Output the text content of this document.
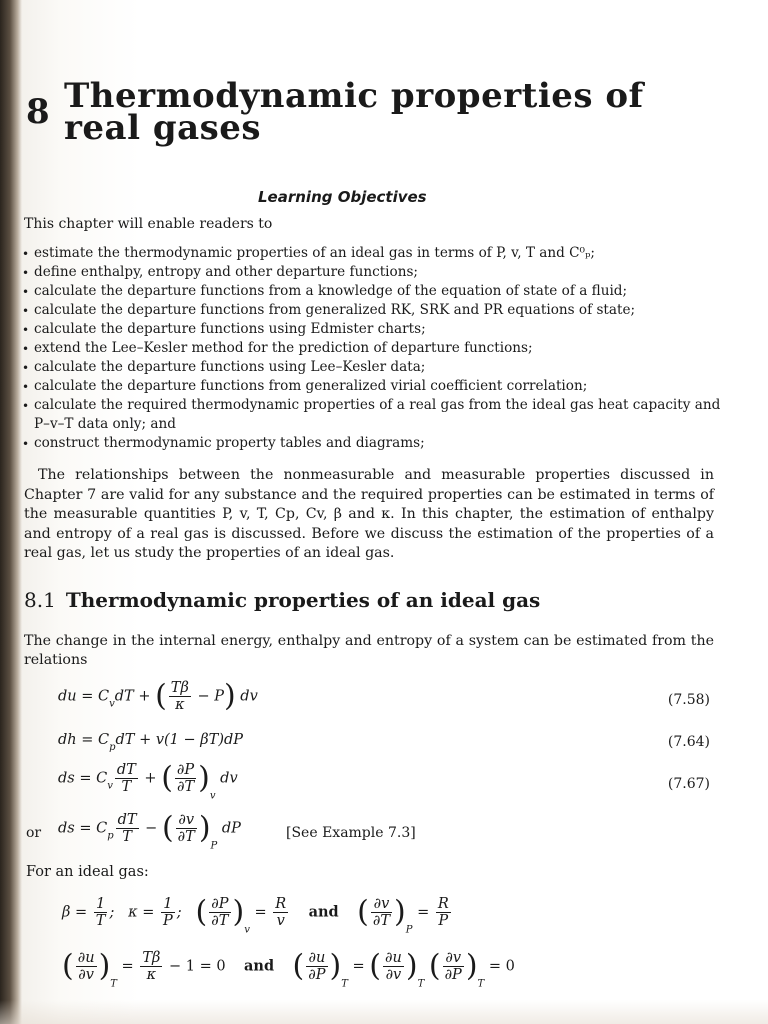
8 Thermodynamic properties of real gases
Learning Objectives
This chapter will enable readers to
• estimate the thermodynamic properties of an ideal gas in terms of P, v, T and C⁰ₚ;
• define enthalpy, entropy and other departure functions;
• calculate the departure functions from a knowledge of the equation of state of a fluid;
• calculate the departure functions from generalized RK, SRK and PR equations of state;
• calculate the departure functions using Edmister charts;
• extend the Lee–Kesler method for the prediction of departure functions;
• calculate the departure functions using Lee–Kesler data;
• calculate the departure functions from generalized virial coefficient correlation;
• calculate the required thermodynamic properties of a real gas from the ideal gas heat capacity and P–v–T data only; and
• construct thermodynamic property tables and diagrams;
The relationships between the nonmeasurable and measurable properties discussed in Chapter 7 are valid for any substance and the required properties can be estimated in terms of the measurable quantities P, v, T, Cp, Cv, β and κ. In this chapter, the estimation of enthalpy and entropy of a real gas is discussed. Before we discuss the estimation of the properties of a real gas, let us study the properties of an ideal gas.
8.1 Thermodynamic properties of an ideal gas
The change in the internal energy, enthalpy and entropy of a system can be estimated from the relations
du = $C_vdT$ + ( $\frac{T\beta}{\kappa} - P$) dv	(7.58)
dh = $C_pdT + v(1 - \beta T)dP$	(7.64)
ds = $C_v \frac{dT}{T}$ + ( $\frac{\partial P}{\partial T} )_v$ dv	(7.67)
or ds = $C_p \frac{dT}{T}$ − ( $\frac{\partial v}{\partial T} )_P$ dP	[See Example 7.3]
For an ideal gas:
$\beta = \frac{1}{T}$ ;   $\kappa = \frac{1}{P}$ ;   ( $\frac{\partial P}{\partial T} )_v = \frac{R}{v}$ and ( $\frac{\partial v}{\partial T} )_P = \frac{R}{P}$
( $\frac{\partial u}{\partial v} )_T = \frac{T\beta}{\kappa} - 1 = 0$ and ( $\frac{\partial u}{\partial P} )_T$ = ( $\frac{\partial u}{\partial v} )_T$ ( $\frac{\partial v}{\partial P} )_T = 0$
